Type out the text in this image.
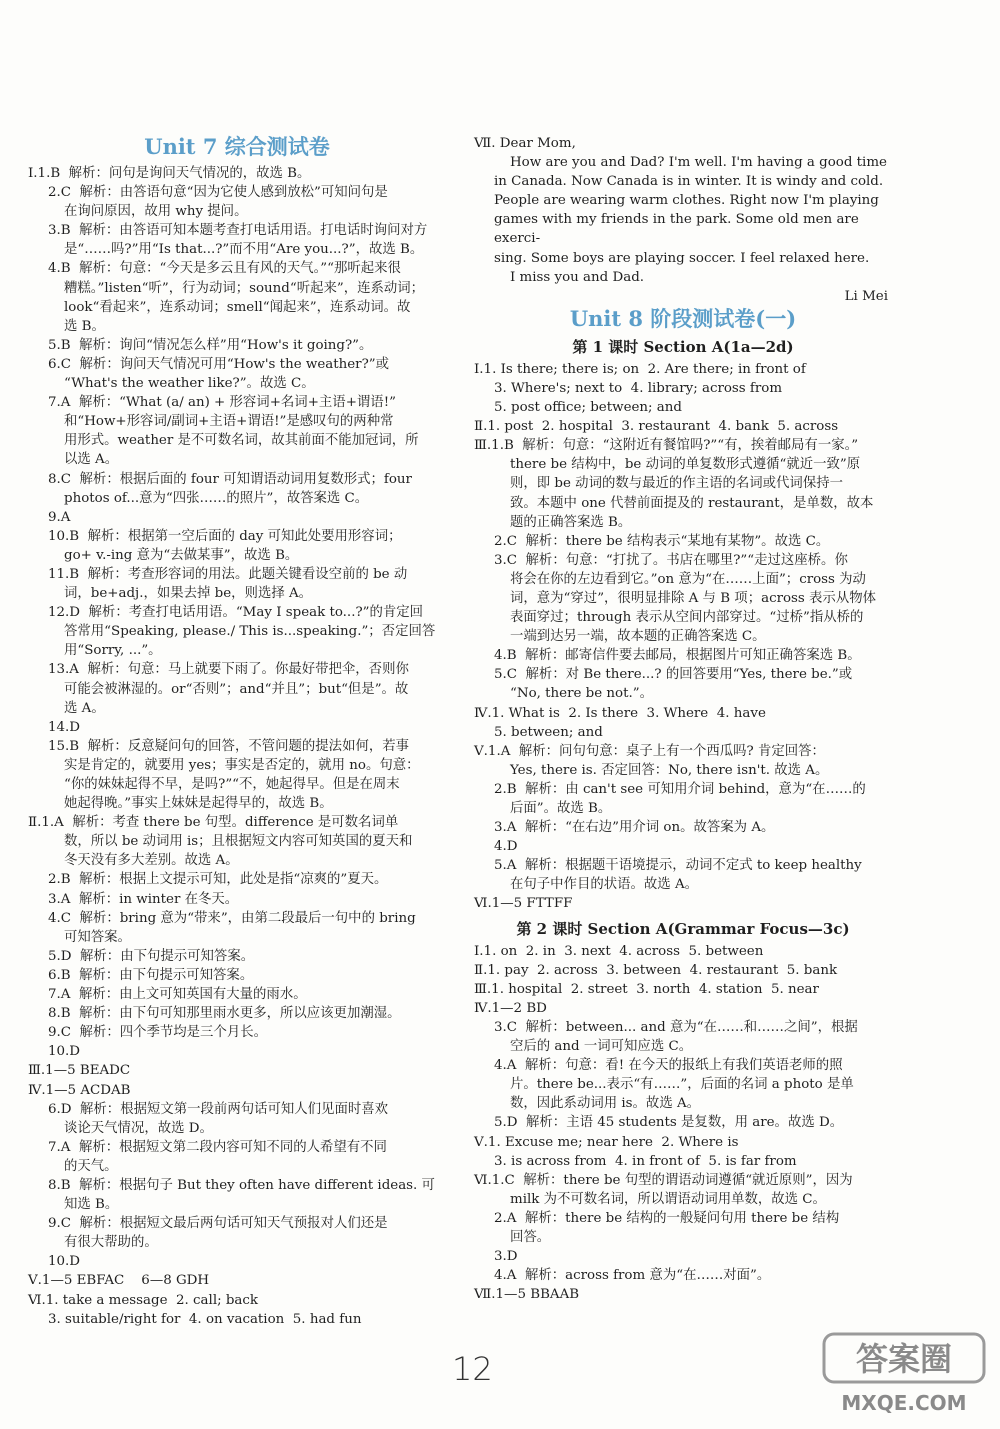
Unit 7 综合测试卷
Ⅰ.1.B  解析：问句是询问天气情况的，故选 B。
2.C  解析：由答语句意“因为它使人感到放松”可知问句是
在询问原因，故用 why 提问。
3.B  解析：由答语可知本题考查打电话用语。打电话时询问对方
是“……吗?”用“Is that...?”而不用“Are you...?”，故选 B。
4.B  解析：句意：“今天是多云且有风的天气。”“那听起来很
糟糕。”listen“听”，行为动词；sound“听起来”，连系动词；
look“看起来”，连系动词；smell“闻起来”，连系动词。故
选 B。
5.B  解析：询问“情况怎么样”用“How's it going?”。
6.C  解析：询问天气情况可用“How's the weather?”或
“What's the weather like?”。故选 C。
7.A  解析：“What (a/ an) + 形容词+名词+主语+谓语!”
和“How+形容词/副词+主语+谓语!”是感叹句的两种常
用形式。weather 是不可数名词，故其前面不能加冠词，所
以选 A。
8.C  解析：根据后面的 four 可知谓语动词用复数形式；four
photos of...意为“四张……的照片”，故答案选 C。
9.A
10.B  解析：根据第一空后面的 day 可知此处要用形容词；
go+ v.-ing 意为“去做某事”，故选 B。
11.B  解析：考查形容词的用法。此题关键看设空前的 be 动
词，be+adj.，如果去掉 be，则选择 A。
12.D  解析：考查打电话用语。“May I speak to...?”的肯定回
答常用“Speaking, please./ This is...speaking.”；否定回答
用“Sorry, ...”。
13.A  解析：句意：马上就要下雨了。你最好带把伞，否则你
可能会被淋湿的。or“否则”；and“并且”；but“但是”。故
选 A。
14.D
15.B  解析：反意疑问句的回答，不管问题的提法如何，若事
实是肯定的，就要用 yes；事实是否定的，就用 no。句意：
“你的妹妹起得不早，是吗?”“不，她起得早。但是在周末
她起得晚。”事实上妹妹是起得早的，故选 B。
Ⅱ.1.A  解析：考查 there be 句型。difference 是可数名词单
数，所以 be 动词用 is；且根据短文内容可知英国的夏天和
冬天没有多大差别。故选 A。
2.B  解析：根据上文提示可知，此处是指“凉爽的”夏天。
3.A  解析：in winter 在冬天。
4.C  解析：bring 意为“带来”，由第二段最后一句中的 bring
可知答案。
5.D  解析：由下句提示可知答案。
6.B  解析：由下句提示可知答案。
7.A  解析：由上文可知英国有大量的雨水。
8.B  解析：由下句可知那里雨水更多，所以应该更加潮湿。
9.C  解析：四个季节均是三个月长。
10.D
Ⅲ.1—5 BEADC
Ⅳ.1—5 ACDAB
6.D  解析：根据短文第一段前两句话可知人们见面时喜欢
谈论天气情况，故选 D。
7.A  解析：根据短文第二段内容可知不同的人希望有不同
的天气。
8.B  解析：根据句子 But they often have different ideas. 可
知选 B。
9.C  解析：根据短文最后两句话可知天气预报对人们还是
有很大帮助的。
10.D
Ⅴ.1—5 EBFAC    6—8 GDH
Ⅵ.1. take a message  2. call; back
3. suitable/right for  4. on vacation  5. had fun
Ⅶ. Dear Mom,
How are you and Dad? I'm well. I'm having a good time
in Canada. Now Canada is in winter. It is windy and cold.
People are wearing warm clothes. Right now I'm playing
games with my friends in the park. Some old men are exerci-
sing. Some boys are playing soccer. I feel relaxed here.
I miss you and Dad.
Li Mei
Unit 8 阶段测试卷(一)
第 1 课时 Section A(1a—2d)
Ⅰ.1. Is there; there is; on  2. Are there; in front of
3. Where's; next to  4. library; across from
5. post office; between; and
Ⅱ.1. post  2. hospital  3. restaurant  4. bank  5. across
Ⅲ.1.B  解析：句意：“这附近有餐馆吗?”“有，挨着邮局有一家。”
there be 结构中，be 动词的单复数形式遵循“就近一致”原
则，即 be 动词的数与最近的作主语的名词或代词保持一
致。本题中 one 代替前面提及的 restaurant，是单数，故本
题的正确答案选 B。
2.C  解析：there be 结构表示“某地有某物”。故选 C。
3.C  解析：句意：“打扰了。书店在哪里?”“走过这座桥。你
将会在你的左边看到它。”on 意为“在……上面”；cross 为动
词，意为“穿过”，很明显排除 A 与 B 项；across 表示从物体
表面穿过；through 表示从空间内部穿过。“过桥”指从桥的
一端到达另一端，故本题的正确答案选 C。
4.B  解析：邮寄信件要去邮局，根据图片可知正确答案选 B。
5.C  解析：对 Be there...? 的回答要用“Yes, there be.”或
“No, there be not.”。
Ⅳ.1. What is  2. Is there  3. Where  4. have
5. between; and
Ⅴ.1.A  解析：问句句意：桌子上有一个西瓜吗? 肯定回答：
Yes, there is. 否定回答：No, there isn't. 故选 A。
2.B  解析：由 can't see 可知用介词 behind，意为“在……的
后面”。故选 B。
3.A  解析：“在右边”用介词 on。故答案为 A。
4.D
5.A  解析：根据题干语境提示，动词不定式 to keep healthy
在句子中作目的状语。故选 A。
Ⅵ.1—5 FTTFF
第 2 课时 Section A(Grammar Focus—3c)
Ⅰ.1. on  2. in  3. next  4. across  5. between
Ⅱ.1. pay  2. across  3. between  4. restaurant  5. bank
Ⅲ.1. hospital  2. street  3. north  4. station  5. near
Ⅳ.1—2 BD
3.C  解析：between... and 意为“在……和……之间”，根据
空后的 and 一词可知应选 C。
4.A  解析：句意：看! 在今天的报纸上有我们英语老师的照
片。there be...表示“有……”，后面的名词 a photo 是单
数，因此系动词用 is。故选 A。
5.D  解析：主语 45 students 是复数，用 are。故选 D。
Ⅴ.1. Excuse me; near here  2. Where is
3. is across from  4. in front of  5. is far from
Ⅵ.1.C  解析：there be 句型的谓语动词遵循“就近原则”，因为
milk 为不可数名词，所以谓语动词用单数，故选 C。
2.A  解析：there be 结构的一般疑问句用 there be 结构
回答。
3.D
4.A  解析：across from 意为“在……对面”。
Ⅶ.1—5 BBAAB
12	答案圈
MXQE.COM
